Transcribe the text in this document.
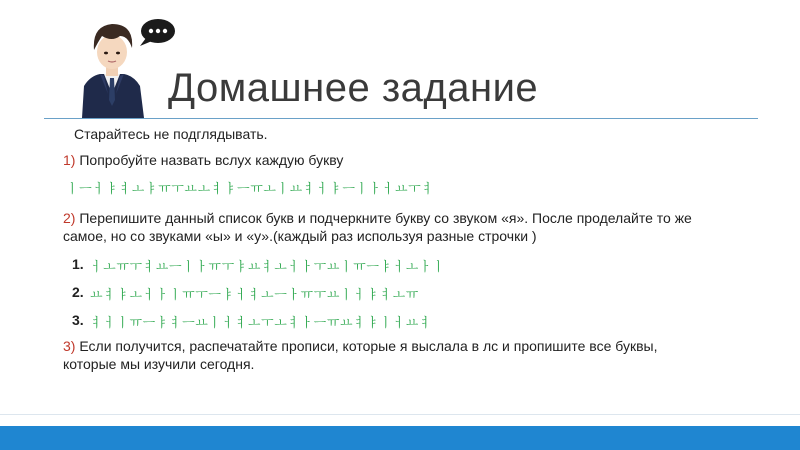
Домашнее задание
Старайтесь не подглядывать.
1) Попробуйте назвать вслух каждую букву
ㅣㅡㅓㅑㅕㅗㅑㅠㅜㅛㅗㅕㅑㅡㅠㅗㅣㅛㅕㅓㅑㅡㅣㅏㅓㅛㅜㅕ
2) Перепишите данный список букв и подчеркните букву со звуком «я». После проделайте то же
самое, но со звуками «ы» и «у».(каждый раз используя разные строчки )
1. ㅓㅗㅠㅜㅕㅛㅡㅣㅏㅠㅜㅑㅛㅕㅗㅓㅏㅜㅛㅣㅠㅡㅑㅓㅗㅏㅣ
2. ㅛㅕㅑㅗㅓㅏㅣㅠㅜㅡㅑㅓㅕㅗㅡㅏㅠㅜㅛㅣㅓㅑㅕㅗㅠ
3. ㅕㅓㅣㅠㅡㅑㅕㅡㅛㅣㅓㅕㅗㅜㅗㅕㅏㅡㅠㅛㅕㅑㅣㅓㅛㅕ
3) Если получится, распечатайте прописи, которые я выслала в лс и пропишите все буквы,
которые мы изучили сегодня.
